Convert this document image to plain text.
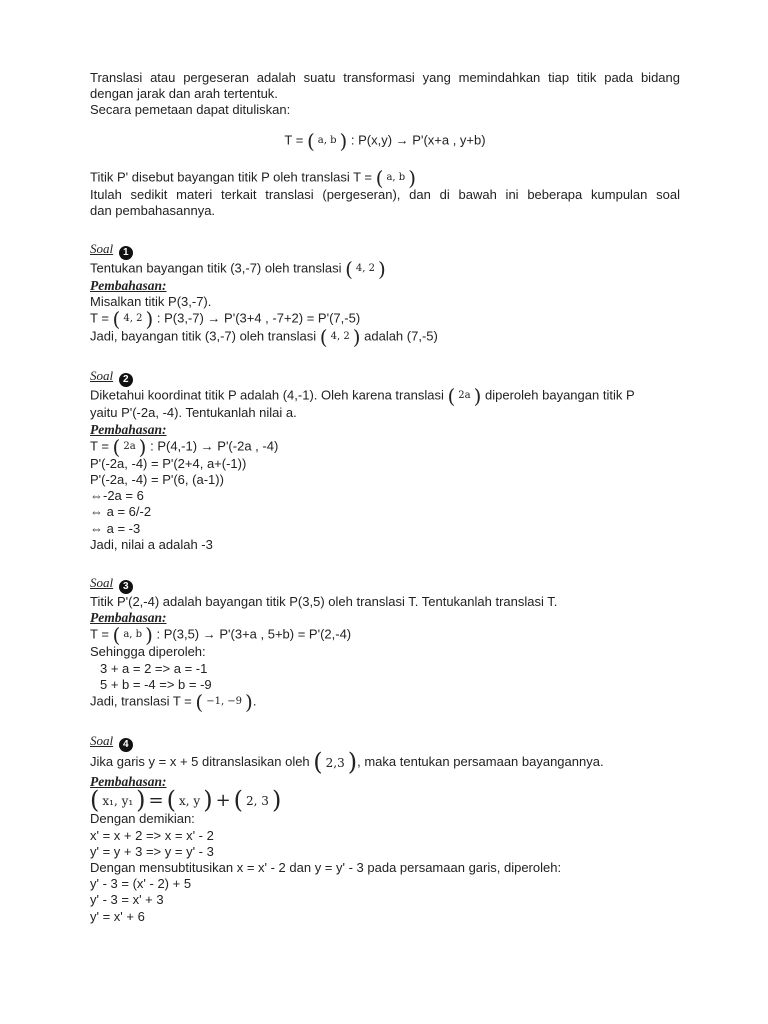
Translasi atau pergeseran adalah suatu transformasi yang memindahkan tiap titik pada bidang
dengan jarak dan arah tertentuk.
Secara pemetaan dapat dituliskan:
T = ( a, b ) : P(x,y) → P'(x+a , y+b)
Titik P' disebut bayangan titik P oleh translasi T = ( a, b )
Itulah sedikit materi terkait translasi (pergeseran), dan di bawah ini beberapa kumpulan soal
dan pembahasannya.
Soal 1
Tentukan bayangan titik (3,-7) oleh translasi ( 4, 2 )
Pembahasan:
Misalkan titik P(3,-7).
T = ( 4, 2 ) : P(3,-7) → P'(3+4 , -7+2) = P'(7,-5)
Jadi, bayangan titik (3,-7) oleh translasi ( 4, 2 ) adalah (7,-5)
Soal 2
Diketahui koordinat titik P adalah (4,-1). Oleh karena translasi ( 2a ) diperoleh bayangan titik P
yaitu P'(-2a, -4). Tentukanlah nilai a.
Pembahasan:
T = ( 2a ) : P(4,-1) → P'(-2a , -4)
P'(-2a, -4) = P'(2+4, a+(-1))
P'(-2a, -4) = P'(6, (a-1))
⇔-2a = 6
⇔ a = 6/-2
⇔ a = -3
Jadi, nilai a adalah -3
Soal 3
Titik P'(2,-4) adalah bayangan titik P(3,5) oleh translasi T. Tentukanlah translasi T.
Pembahasan:
T = ( a, b ) : P(3,5) → P'(3+a , 5+b) = P'(2,-4)
Sehingga diperoleh:
3 + a = 2 => a = -1
5 + b = -4 => b = -9
Jadi, translasi T = ( −1, −9 ) .
Soal 4
Jika garis y = x + 5 ditranslasikan oleh ( 2,3 ) , maka tentukan persamaan bayangannya.
Pembahasan:
( x₁, y₁ ) = ( x, y ) + ( 2, 3 )
Dengan demikian:
x' = x + 2 => x = x' - 2
y' = y + 3 => y = y' - 3
Dengan mensubtitusikan x = x' - 2 dan y = y' - 3 pada persamaan garis, diperoleh:
y' - 3 = (x' - 2) + 5
y' - 3 = x' + 3
y' = x' + 6
